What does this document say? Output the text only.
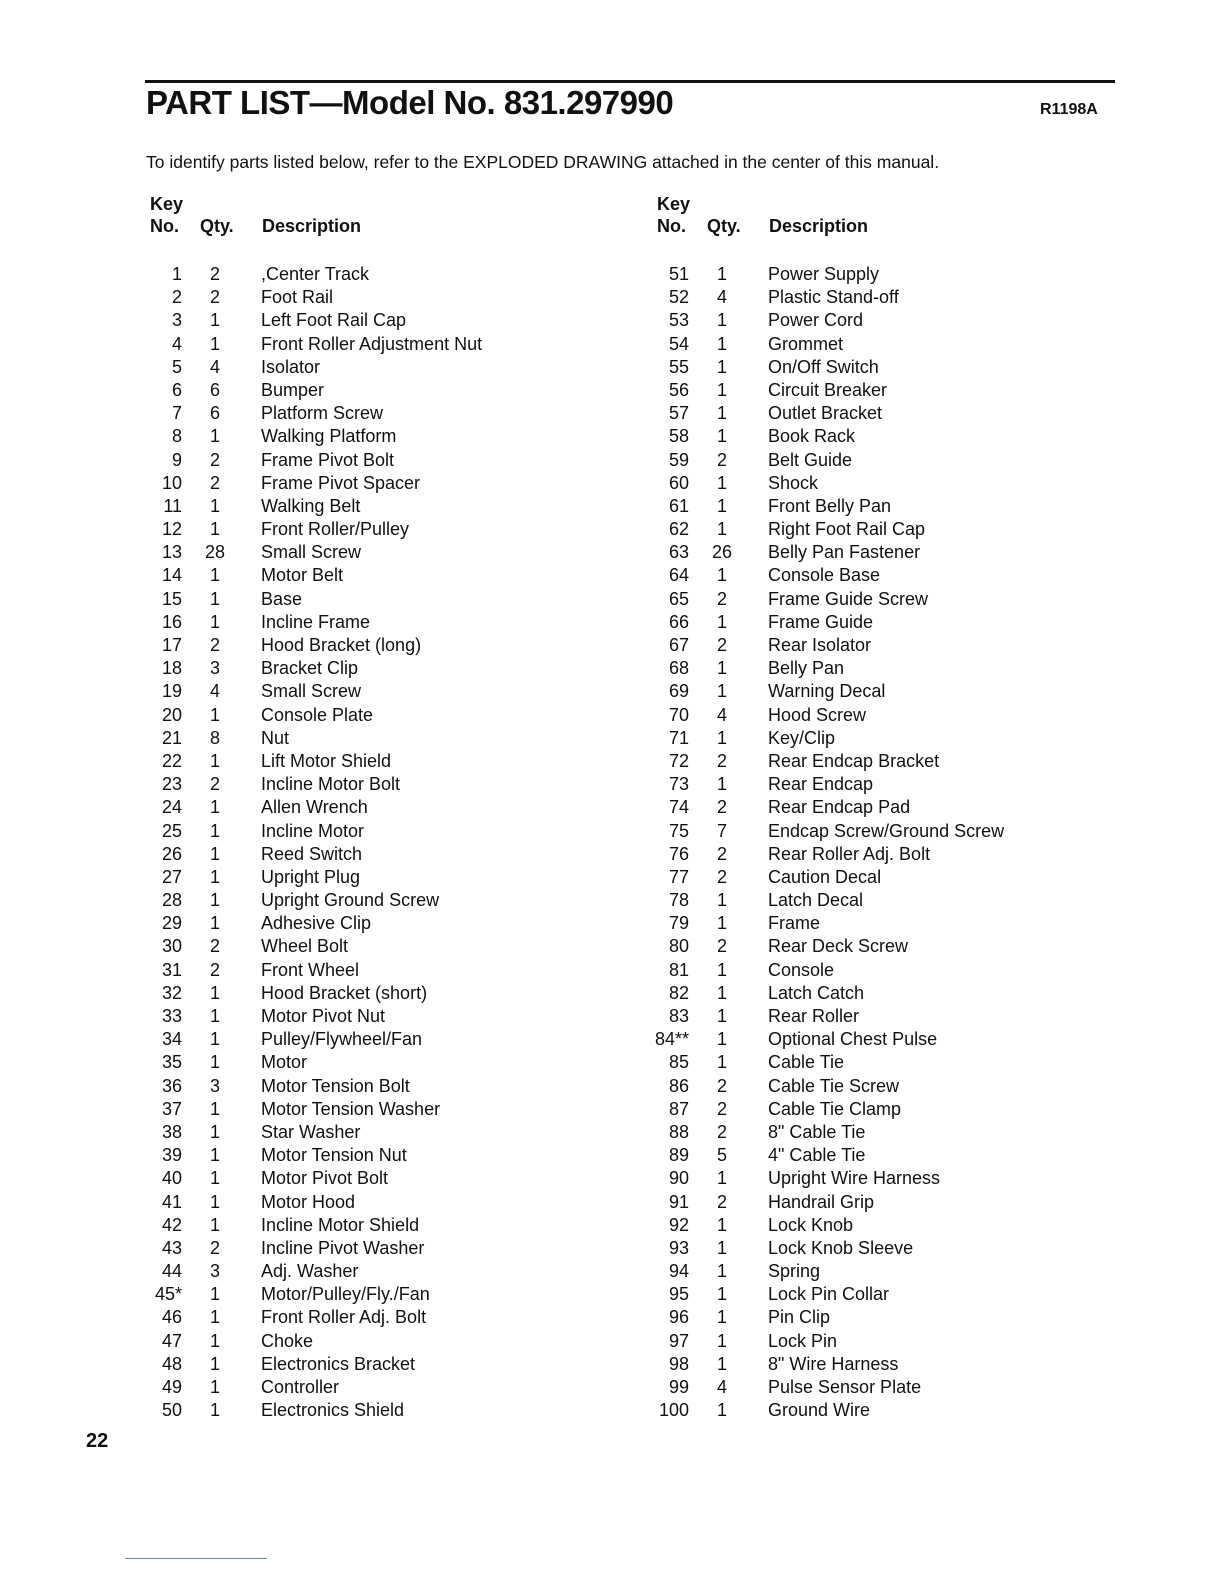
PART LIST—Model No. 831.297990	R1198A
To identify parts listed below, refer to the EXPLODED DRAWING attached in the center of this manual.
Key
No. Qty. Description
1	2	,Center Track
2	2	Foot Rail
3	1	Left Foot Rail Cap
4	1	Front Roller Adjustment Nut
5	4	Isolator
6	6	Bumper
7	6	Platform Screw
8	1	Walking Platform
9	2	Frame Pivot Bolt
10	2	Frame Pivot Spacer
11	1	Walking Belt
12	1	Front Roller/Pulley
13	28	Small Screw
14	1	Motor Belt
15	1	Base
16	1	Incline Frame
17	2	Hood Bracket (long)
18	3	Bracket Clip
19	4	Small Screw
20	1	Console Plate
21	8	Nut
22	1	Lift Motor Shield
23	2	Incline Motor Bolt
24	1	Allen Wrench
25	1	Incline Motor
26	1	Reed Switch
27	1	Upright Plug
28	1	Upright Ground Screw
29	1	Adhesive Clip
30	2	Wheel Bolt
31	2	Front Wheel
32	1	Hood Bracket (short)
33	1	Motor Pivot Nut
34	1	Pulley/Flywheel/Fan
35	1	Motor
36	3	Motor Tension Bolt
37	1	Motor Tension Washer
38	1	Star Washer
39	1	Motor Tension Nut
40	1	Motor Pivot Bolt
41	1	Motor Hood
42	1	Incline Motor Shield
43	2	Incline Pivot Washer
44	3	Adj. Washer
45*	1	Motor/Pulley/Fly./Fan
46	1	Front Roller Adj. Bolt
47	1	Choke
48	1	Electronics Bracket
49	1	Controller
50	1	Electronics Shield
Key
No. Qty. Description
51	1	Power Supply
52	4	Plastic Stand-off
53	1	Power Cord
54	1	Grommet
55	1	On/Off Switch
56	1	Circuit Breaker
57	1	Outlet Bracket
58	1	Book Rack
59	2	Belt Guide
60	1	Shock
61	1	Front Belly Pan
62	1	Right Foot Rail Cap
63	26	Belly Pan Fastener
64	1	Console Base
65	2	Frame Guide Screw
66	1	Frame Guide
67	2	Rear Isolator
68	1	Belly Pan
69	1	Warning Decal
70	4	Hood Screw
71	1	Key/Clip
72	2	Rear Endcap Bracket
73	1	Rear Endcap
74	2	Rear Endcap Pad
75	7	Endcap Screw/Ground Screw
76	2	Rear Roller Adj. Bolt
77	2	Caution Decal
78	1	Latch Decal
79	1	Frame
80	2	Rear Deck Screw
81	1	Console
82	1	Latch Catch
83	1	Rear Roller
84**	1	Optional Chest Pulse
85	1	Cable Tie
86	2	Cable Tie Screw
87	2	Cable Tie Clamp
88	2	8" Cable Tie
89	5	4" Cable Tie
90	1	Upright Wire Harness
91	2	Handrail Grip
92	1	Lock Knob
93	1	Lock Knob Sleeve
94	1	Spring
95	1	Lock Pin Collar
96	1	Pin Clip
97	1	Lock Pin
98	1	8" Wire Harness
99	4	Pulse Sensor Plate
100	1	Ground Wire
22
